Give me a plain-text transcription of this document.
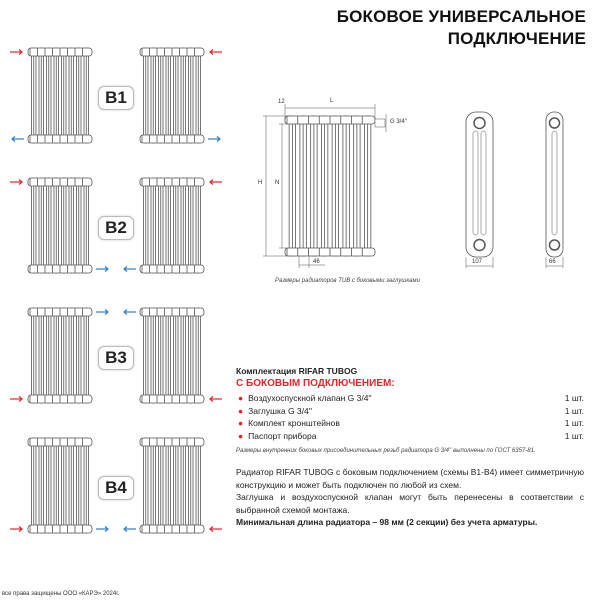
БОКОВОЕ УНИВЕРСАЛЬНОЕ
ПОДКЛЮЧЕНИЕ
B1
B2
B3
B4
12	L
G 3/4''
H N
46	107	66
Размеры радиаторов TUB с боковыми заглушками
Комплектация RIFAR TUBOG
С БОКОВЫМ ПОДКЛЮЧЕНИЕМ:
● Воздухоспускной клапан G 3/4''	1 шт.
● Заглушка G 3/4''	1 шт.
● Комплект кронштейнов	1 шт.
● Паспорт прибора	1 шт.
Размеры внутренних боковых присоединительных резьб радиатора G 3/4'' выполнены по ГОСТ 6357-81.
Радиатор RIFAR TUBOG с боковым подключением (схемы B1-B4) имеет симметричную конструкцию и может быть подключен по любой из схем.
Заглушка и воздухоспускной клапан могут быть перенесены в соответствии с выбранной схемой монтажа.
Минимальная длина радиатора – 98 мм (2 секции) без учета арматуры.
все права защищены ООО «КАРЭ» 2024г.
